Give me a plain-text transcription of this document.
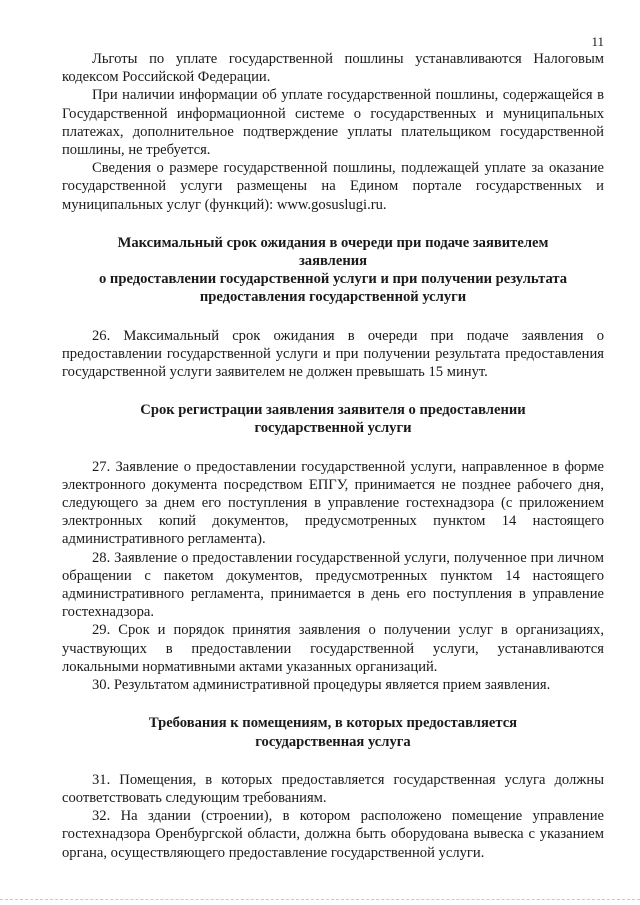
11

Льготы по уплате государственной пошлины устанавливаются Налоговым кодексом Российской Федерации.

При наличии информации об уплате государственной пошлины, содержащейся в Государственной информационной системе о государственных и муниципальных платежах, дополнительное подтверждение уплаты плательщиком государственной пошлины, не требуется.

Сведения о размере государственной пошлины, подлежащей уплате за оказание государственной услуги размещены на Едином портале государственных и муниципальных услуг (функций): www.gosuslugi.ru.

Максимальный срок ожидания в очереди при подаче заявителем
заявления
о предоставлении государственной услуги и при получении результата
предоставления государственной услуги

26. Максимальный срок ожидания в очереди при подаче заявления о предоставлении государственной услуги и при получении результата предоставления государственной услуги заявителем не должен превышать 15 минут.

Срок регистрации заявления заявителя о предоставлении
государственной услуги

27. Заявление о предоставлении государственной услуги, направленное в форме электронного документа посредством ЕПГУ, принимается не позднее рабочего дня, следующего за днем его поступления в управление гостехнадзора (с приложением электронных копий документов, предусмотренных пунктом 14 настоящего административного регламента).

28. Заявление о предоставлении государственной услуги, полученное при личном обращении с пакетом документов, предусмотренных пунктом 14 настоящего административного регламента, принимается в день его поступления в управление гостехнадзора.

29. Срок и порядок принятия заявления о получении услуг в организациях, участвующих в предоставлении государственной услуги, устанавливаются локальными нормативными актами указанных организаций.

30. Результатом административной процедуры является прием заявления.

Требования к помещениям, в которых предоставляется
государственная услуга

31. Помещения, в которых предоставляется государственная услуга должны соответствовать следующим требованиям.

32. На здании (строении), в котором расположено помещение управление гостехнадзора Оренбургской области, должна быть оборудована вывеска с указанием органа, осуществляющего предоставление государственной услуги.
